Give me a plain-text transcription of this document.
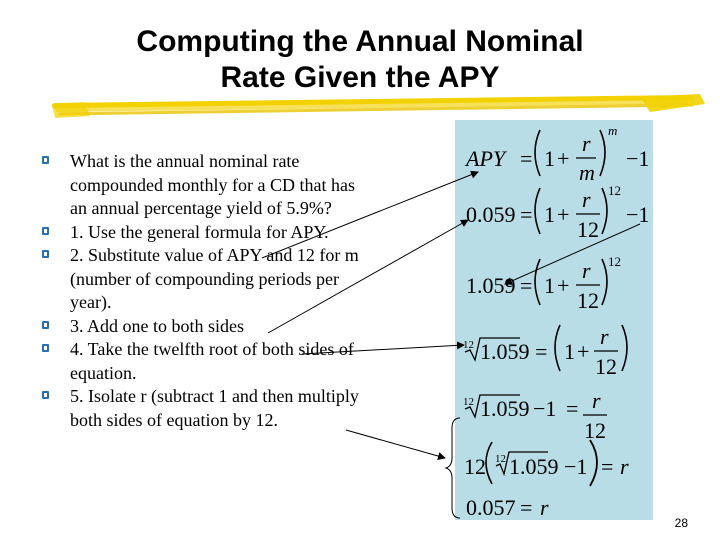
Computing the Annual Nominal
Rate Given the APY
What is the annual nominal rate compounded monthly for a CD that has an annual percentage yield of 5.9%?
1. Use the general formula for APY.
2. Substitute value of APY and 12 for m (number of compounding periods per year).
3. Add one to both sides
4. Take the twelfth root of both sides of equation.
5. Isolate r (subtract 1 and then multiply both sides of equation by 12.
APY = 1 +
r
m
m
−1
0.059 = 1 +
r
12
12
−1
1.059 = 1 +
r
12
12
12 1.059 = 1 +
r
12
12 1.059 −1 = r
12
12 12 1.059 −1 = r
0.057 = r
28
